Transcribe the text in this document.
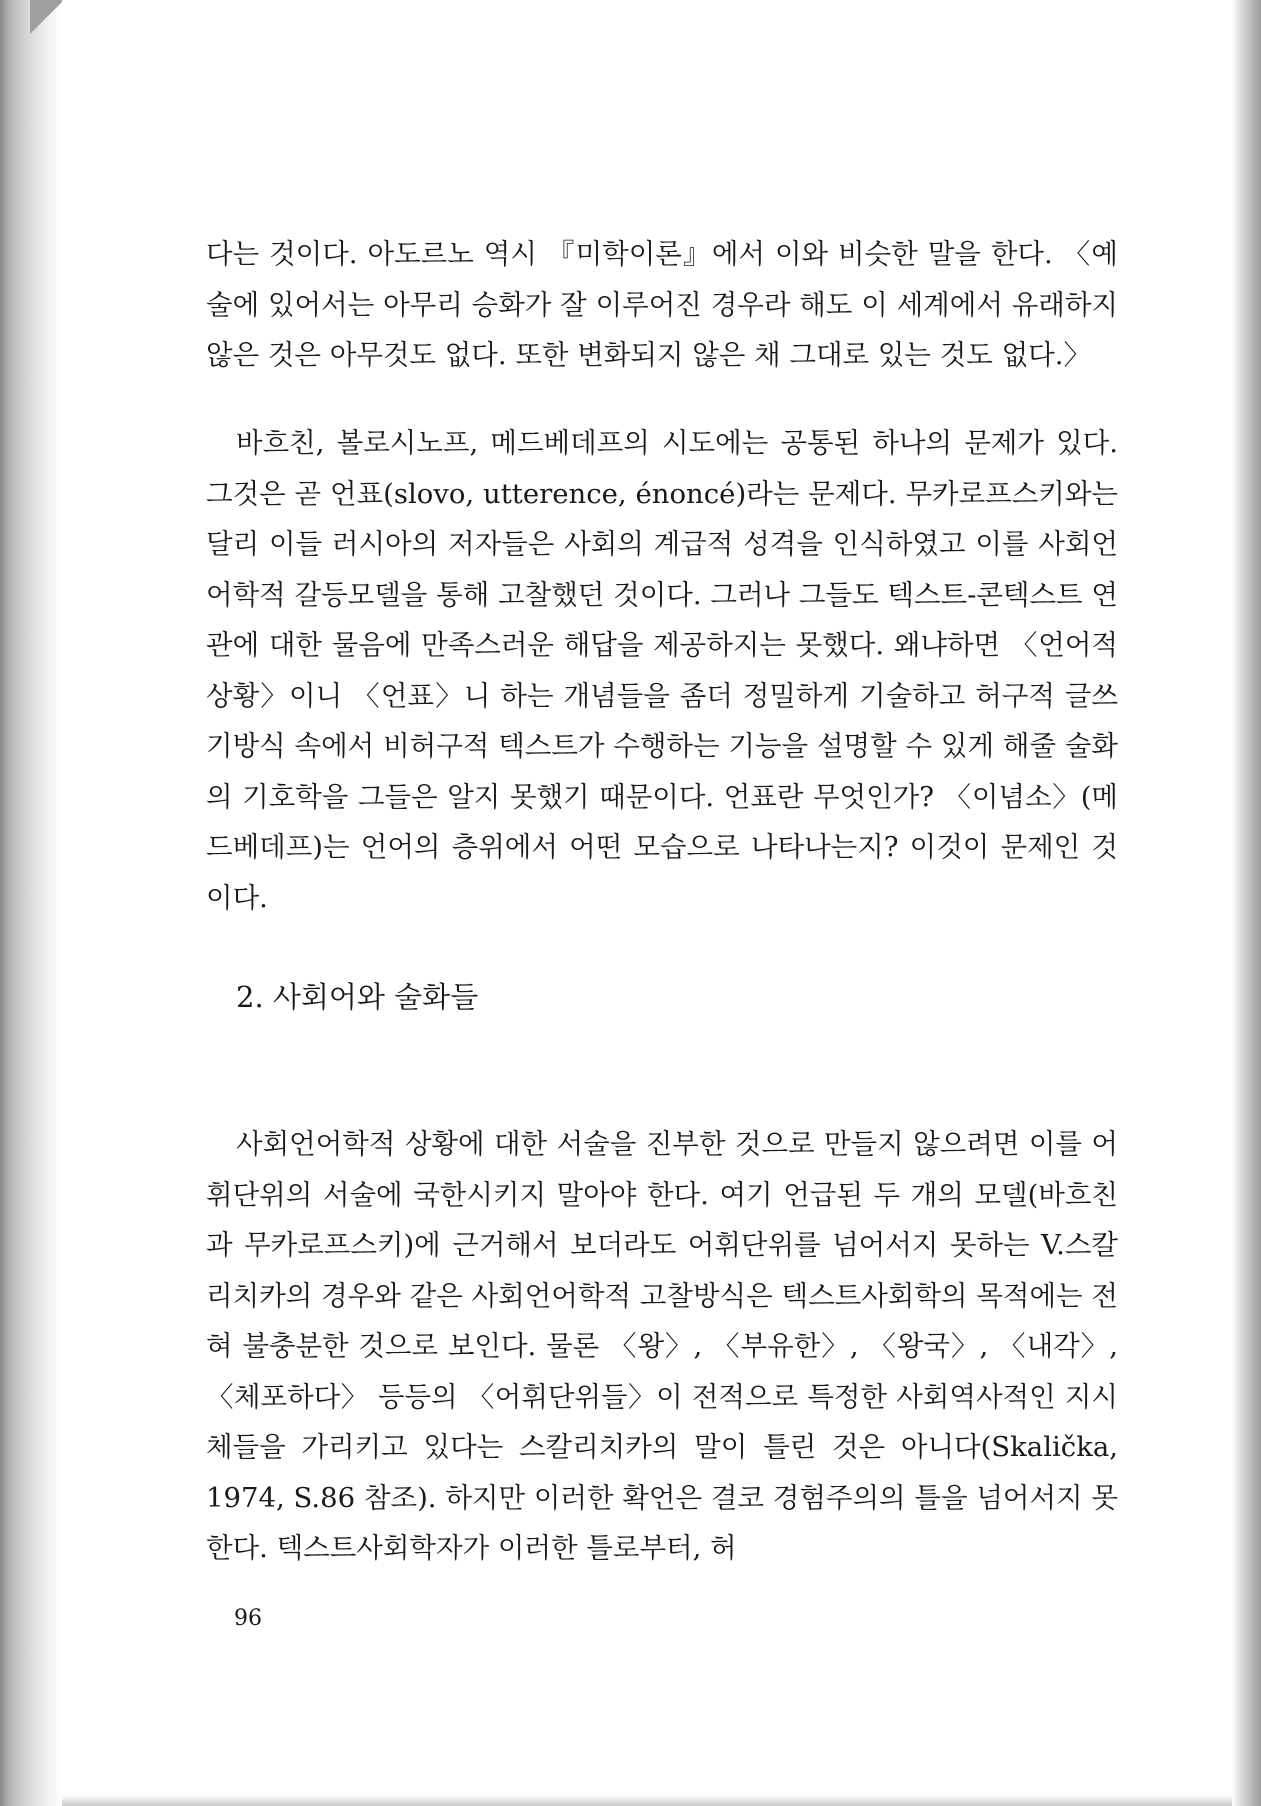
다는 것이다. 아도르노 역시 『미학이론』에서 이와 비슷한 말을 한다. 〈예술에 있어서는 아무리 승화가 잘 이루어진 경우라 해도 이 세계에서 유래하지 않은 것은 아무것도 없다. 또한 변화되지 않은 채 그대로 있는 것도 없다.〉

바흐친, 볼로시노프, 메드베데프의 시도에는 공통된 하나의 문제가 있다. 그것은 곧 언표(slovo, utterence, énoncé)라는 문제다. 무카로프스키와는 달리 이들 러시아의 저자들은 사회의 계급적 성격을 인식하였고 이를 사회언어학적 갈등모델을 통해 고찰했던 것이다. 그러나 그들도 텍스트-콘텍스트 연관에 대한 물음에 만족스러운 해답을 제공하지는 못했다. 왜냐하면 〈언어적 상황〉이니 〈언표〉니 하는 개념들을 좀더 정밀하게 기술하고 허구적 글쓰기방식 속에서 비허구적 텍스트가 수행하는 기능을 설명할 수 있게 해줄 술화의 기호학을 그들은 알지 못했기 때문이다. 언표란 무엇인가? 〈이념소〉(메드베데프)는 언어의 층위에서 어떤 모습으로 나타나는지? 이것이 문제인 것이다.

2. 사회어와 술화들

사회언어학적 상황에 대한 서술을 진부한 것으로 만들지 않으려면 이를 어휘단위의 서술에 국한시키지 말아야 한다. 여기 언급된 두 개의 모델(바흐친과 무카로프스키)에 근거해서 보더라도 어휘단위를 넘어서지 못하는 V.스칼리치카의 경우와 같은 사회언어학적 고찰방식은 텍스트사회학의 목적에는 전혀 불충분한 것으로 보인다. 물론 〈왕〉, 〈부유한〉, 〈왕국〉, 〈내각〉, 〈체포하다〉 등등의 〈어휘단위들〉이 전적으로 특정한 사회역사적인 지시체들을 가리키고 있다는 스칼리치카의 말이 틀린 것은 아니다(Skalička, 1974, S.86 참조). 하지만 이러한 확언은 결코 경험주의의 틀을 넘어서지 못한다. 텍스트사회학자가 이러한 틀로부터, 허

96
